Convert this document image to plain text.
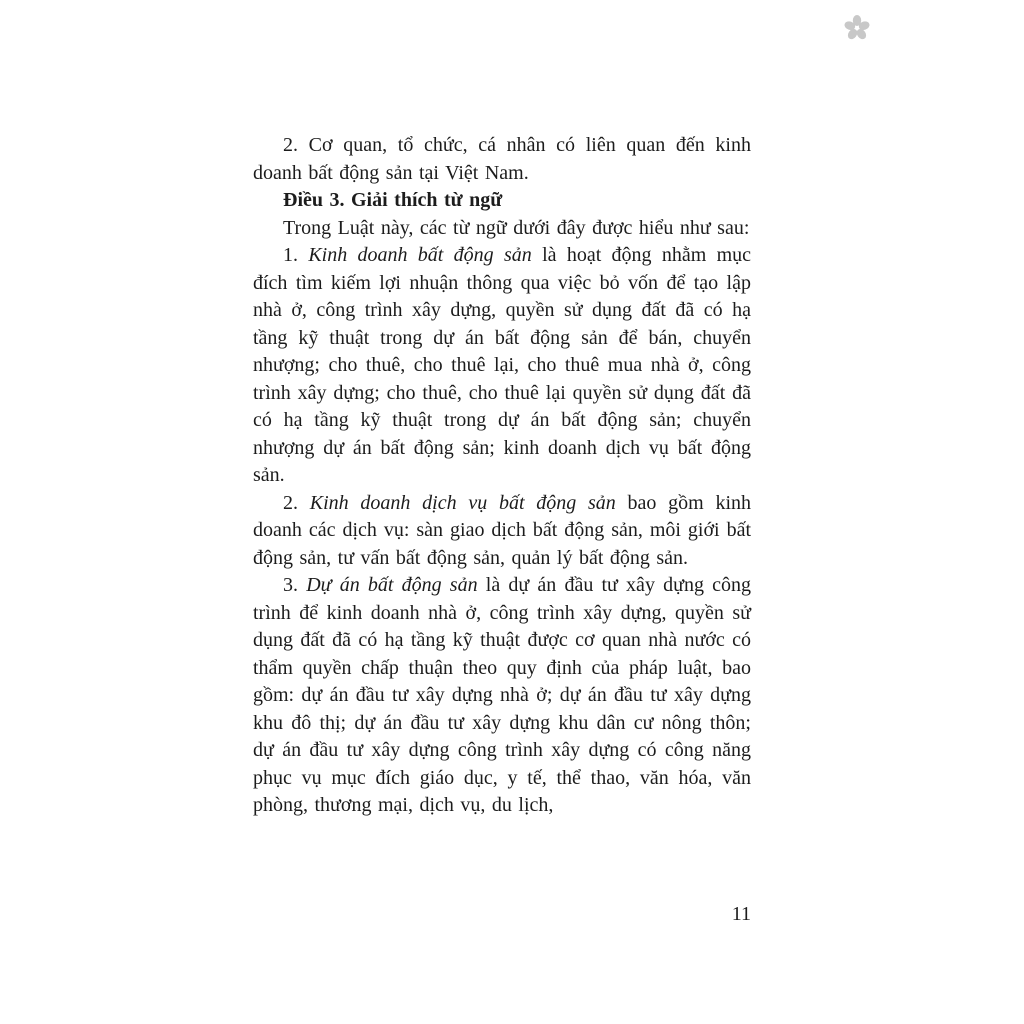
2. Cơ quan, tổ chức, cá nhân có liên quan đến kinh doanh bất động sản tại Việt Nam.

Điều 3. Giải thích từ ngữ

Trong Luật này, các từ ngữ dưới đây được hiểu như sau:

1. Kinh doanh bất động sản là hoạt động nhằm mục đích tìm kiếm lợi nhuận thông qua việc bỏ vốn để tạo lập nhà ở, công trình xây dựng, quyền sử dụng đất đã có hạ tầng kỹ thuật trong dự án bất động sản để bán, chuyển nhượng; cho thuê, cho thuê lại, cho thuê mua nhà ở, công trình xây dựng; cho thuê, cho thuê lại quyền sử dụng đất đã có hạ tầng kỹ thuật trong dự án bất động sản; chuyển nhượng dự án bất động sản; kinh doanh dịch vụ bất động sản.

2. Kinh doanh dịch vụ bất động sản bao gồm kinh doanh các dịch vụ: sàn giao dịch bất động sản, môi giới bất động sản, tư vấn bất động sản, quản lý bất động sản.

3. Dự án bất động sản là dự án đầu tư xây dựng công trình để kinh doanh nhà ở, công trình xây dựng, quyền sử dụng đất đã có hạ tầng kỹ thuật được cơ quan nhà nước có thẩm quyền chấp thuận theo quy định của pháp luật, bao gồm: dự án đầu tư xây dựng nhà ở; dự án đầu tư xây dựng khu đô thị; dự án đầu tư xây dựng khu dân cư nông thôn; dự án đầu tư xây dựng công trình xây dựng có công năng phục vụ mục đích giáo dục, y tế, thể thao, văn hóa, văn phòng, thương mại, dịch vụ, du lịch,

11
